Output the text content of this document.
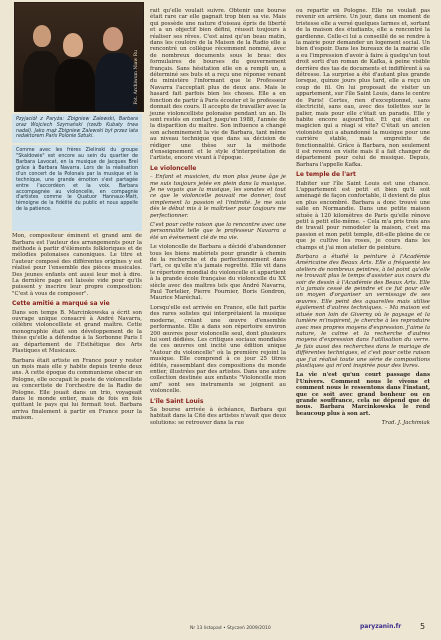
Fot. Archiwum Niaw Ru
Pzyjaciół z Paryża: Zbigniew Zalewski, Barbara oraz Wojciech Szymański (rzeźb Kubaty trwa nadal). Jako mąż Zbigniew Zalewski był przez lata redaktorem Paris Polonie Sztuki.
Comme avec les frères Zielinski du groupe "Skaldowie" est encore au sein du quartier de Barbara Lavocat, en la musique de Jacques Brel grâce à Barbara Navarra. Lors de la réalisation d'un concert de la Polonais par la musique et la technique, une grande émotion s'est partagée entre l'accordéon et la voix. Barbara accompagnée au violoncelle, en compagnie d'artistes comme le Quatuor Hannaux-Matt, témoigne de la fidélité du public et nous appelle de la patience.

Mon, compositeur éminent et grand ami de Barbara est l'auteur des arrangements pour la méthode à partir d'éléments folkloriques et de mélodies polonaises canoniques. Le titre et l'auteur composé des différentes origines y est réalisé pour l'ensemble des pièces musicales. Des jeunes enfants ont aussi leur mot à dire. La dernière page est laissée vide pour qu'ils puissent y inscrire leur propre composition: "C'est à vous de composer".

Cette amitié a marqué sa vie

Dans son temps B. Marcinkowska a écrit son ouvrage unique consacré à André Navarra, célèbre violoncelliste et grand maître. Cette monographie était son développement de la thèse qu'elle a défendue à la Sorbonne Paris I au département de l'Esthétique des Arts Plastiques et Musicaux.

Barbara était artiste en France pour y rester un mois mais elle y habite depuis trente deux ans. À cette époque du communisme obscur en Pologne, elle occupait le poste de violoncelliste au concertiste de l'orchestre de la Radio de Pologne. Elle jouait dans un trio, voyageait dans le monde entier, mais de fois en fois quittant le pays qui lui fermait tout. Barbara arriva finalement à partir en France pour la maison.

rait qu'elle voulait suivre. Obtenir une bourse était rare car elle gagnait trop bien sa vie. Mais qui possède une nature d'oiseau épris de liberté et a un objectif bien défini, réussit toujours à réaliser ses rêves. C'est ainsi qu'un beau matin, dans les couloirs de la Maison de la Radio elle a rencontré un collègue récemment nommé, avec de nombreux documents sous le bras: des formulaires de bourses du gouvernement français. Sans hésitation elle en a rempli un, a déterminé ses buts et a reçu une réponse venant du ministère l'informant que le Professeur Navarra l'acceptait plus de deux ans. Mais le hasard fait parfois bien les choses. Elle a en fonction de partir à Paris écouter et le professeur donnait des cours. Il accepte de travailler avec la jeune violoncelliste polonaise pendant un an. Ils sont restés en contact jusqu'en 1988, l'année de la disparition du maître. Son influence a changé son acheminement la vie de Barbara, tant même au niveau technique que dans sa décision de rédiger une thèse sur la méthode d'enseignement et le style d'interprétation de l'artiste, encore vivant à l'époque.

Le violoncelle

– Enfant et musicien, du mon plus jeune âge je me suis toujours jetée en plein dans la musique. Je ne voyais que la musique, les sonates et tout ce que le violoncelle pouvait me donner, tout simplement la passion et l'intimité. Je me suis dès le début mis à le maîtriser pour toujours me perfectionner.

C'est pour cette raison que la rencontre avec une personnalité telle que le professeur Navarra a été un événement clé de ma vie.

Le violoncelle de Barbara a décidé d'abandonner tous les biens matériels pour grandir à chemin de la recherche et du perfectionnement dans l'art, ce qu'elle n'a jamais regretté. Elle vit dans le répertoire mondial du violoncelle et appartient à la grande école française du violoncelle du XX siècle avec des maîtres tels que André Navarra, Paul Tortelier, Pierre Fournier, Boris Gondron, Maurice Maréchal.

Lorsqu'elle est arrivée en France, elle fait partie des rares solistes qui interprétaient la musique moderne, créant une œuvre d'ensemble performante. Elle a dans son répertoire environ 200 œuvres pour violoncelle seul, dont plusieurs lui sont dédiées. Les critiques sociaux mondiales de ces œuvres ont incité une édition unique "Autour du violoncelle" où la première rejoint la musique. Elle comprend à ce jour 25 titres édités, rassemblant des compositions du monde entier, illustrées par des artistes. Dans une autre collection destinée aux enfants "Violoncelle mon ami" sont ses instruments se joignent au violoncelle.

L'île Saint Louis

Sa bourse arrivée à échéance, Barbara qui habitait dans la Cité des artistes n'avait que deux solutions: se retrouver dans la rue

ou repartir en Pologne. Elle ne voulait pas revenir en arrière. Un jour, dans un moment de tristesse elle a versé quelques larmes et, sortant de la maison des étudiants, elle a rencontré la gardienne. Celle-ci lui a conseillé de se rendre à la mairie pour demander un logement social. Un bien d'espoir. Dans les bureaux de la mairie elle a eu l'impression d'avoir à faire à quelqu'un tout droit sorti d'un roman de Kafka, à peine visible derrière des tas de documents et indifférent à sa détresse. La surprise a été d'autant plus grande lorsque, quinze jours plus tard, elle a reçu un coup de fil. On lui proposait de visiter un appartement, sur l'île Saint Louis, dans le centre de Paris! Certes, rien d'exceptionnel, sans électricité, sans eau, avec des toilettes sur le palier, mais pour elle c'était un paradis. Elle y habite encore aujourd'hui. Et qui était ce magicien qui a réagi si vite? C'était un ancien violoniste qui a abandonné la musique pour une carrière stable, mais empreinte de fonctionnalité. Grâce à Barbara, non seulement il est revenu en visite mais il a fait changer de département pour celui de musique. Depuis, Barbara l'appelle Kafka.

Le temple de l'art

Habiter sur l'île Saint Louis est une chance. L'appartement est petit et bien qu'il soit aménagé de façon confortable, il devient de plus en plus encombré. Barbara a donc trouvé une salle en Normandie. Dans une petite maison située à 120 kilomètres de Paris qu'elle rénove petit à petit elle-même. – Cela m'a pris trois ans de travail pour remodeler la maison, c'est ma passion et mon petit temple, dit-elle pleine de ce que je cultive les roses, je cours dans les champs et j'ai mon atelier de peinture.

Barbara a étudié la peinture à l'Académie Américaine des Beaux Arts. Elle a fréquenté les ateliers de nombreux peintres, à tel point qu'elle ne trouvait plus le temps d'assister aux cours du soir de dessin à l'Académie des Beaux Arts. Elle n'a jamais cessé de peindre et ce fut pour elle un moyen d'organiser un vernissage de ses œuvres. Elle peint des aquarelles mais utilise également d'autres techniques. – Ma maison est située non loin de Giverny où le paysage et la lumière m'inspirent, je cherche à les reproduire avec mes propres moyens d'expression. J'aime la nature, le calme et la recherche d'autres moyens d'expression dans l'utilisation du verre. Je fais aussi des recherches dans le mariage de différentes techniques, et c'est pour cette raison que j'ai réalisé toute une série de compositions plastiques qui m'ont inspirée pour des livres.

La vie n'est qu'un court passage dans l'Univers. Comment nous le vivons et comment nous le ressentons dans l'instant, que ce soit avec grand bonheur ou en grande souffrance, cela ne dépend que de nous. Barbara Marcinkowska le rend beaucoup plus à son art.

Trad. J. Jachimiak

Nr 13 listopad • Styczeń 2009/2010	paryzanin.fr 5
